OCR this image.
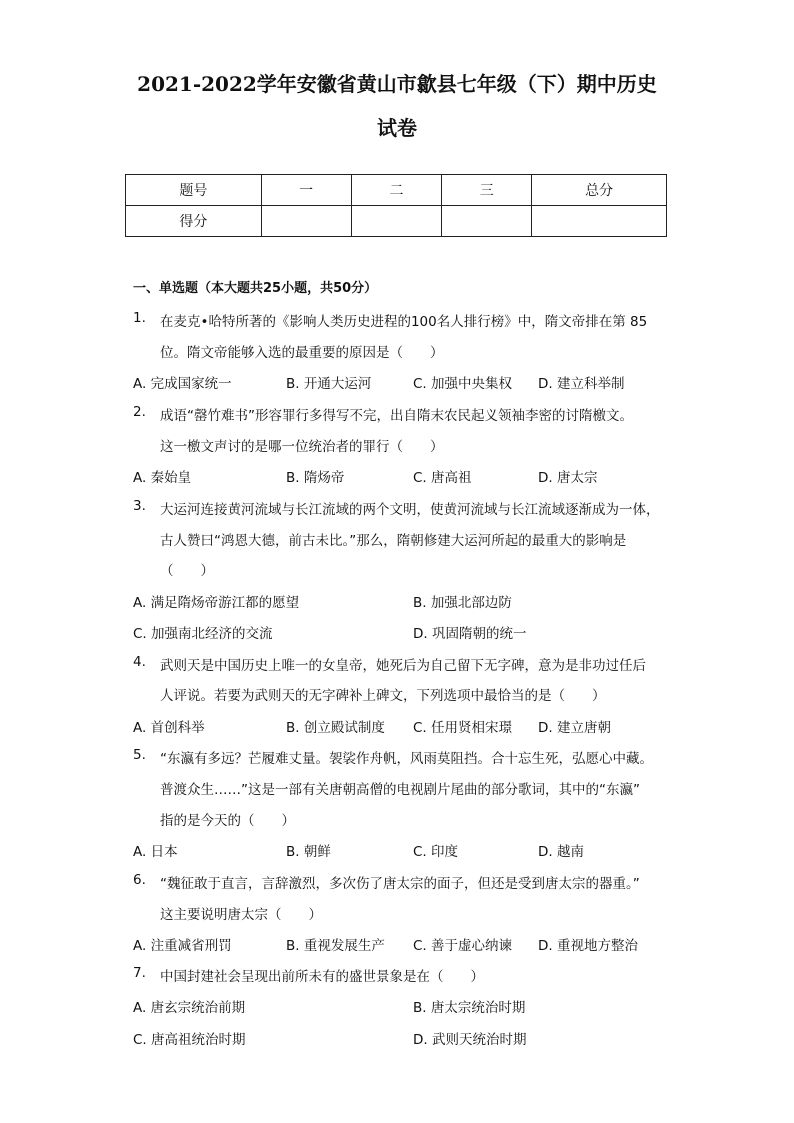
2021-2022学年安徽省黄山市歙县七年级（下）期中历史
试卷
题号	一	二	三	总分
得分				
一、单选题（本大题共25小题，共50分）
1. 在麦克•哈特所著的《影响人类历史进程的100名人排行榜》中，隋文帝排在第 85
位。隋文帝能够入选的最重要的原因是（　　）
A. 完成国家统一	B. 开通大运河	C. 加强中央集权 D. 建立科举制
2. 成语“罄竹难书”形容罪行多得写不完，出自隋末农民起义领袖李密的讨隋檄文。
这一檄文声讨的是哪一位统治者的罪行（　　）
A. 秦始皇	B. 隋炀帝	C. 唐高祖	D. 唐太宗
3. 大运河连接黄河流域与长江流域的两个文明，使黄河流域与长江流域逐渐成为一体，
古人赞曰“鸿恩大德，前古未比。”那么，隋朝修建大运河所起的最重大的影响是
（　　）
A. 满足隋炀帝游江都的愿望	B. 加强北部边防
C. 加强南北经济的交流	D. 巩固隋朝的统一
4. 武则天是中国历史上唯一的女皇帝，她死后为自己留下无字碑，意为是非功过任后
人评说。若要为武则天的无字碑补上碑文，下列选项中最恰当的是（　　）
A. 首创科举	B. 创立殿试制度 C. 任用贤相宋璟 D. 建立唐朝
5. “东瀛有多远？芒履难丈量。袈裟作舟帆，风雨莫阻挡。合十忘生死，弘愿心中藏。
普渡众生……”这是一部有关唐朝高僧的电视剧片尾曲的部分歌词，其中的“东瀛”
指的是今天的（　　）
A. 日本	B. 朝鲜	C. 印度	D. 越南
6. “魏征敢于直言，言辞激烈，多次伤了唐太宗的面子，但还是受到唐太宗的器重。”
这主要说明唐太宗（　　）
A. 注重减省刑罚	B. 重视发展生产 C. 善于虚心纳谏 D. 重视地方整治
7. 中国封建社会呈现出前所未有的盛世景象是在（　　）
A. 唐玄宗统治前期	B. 唐太宗统治时期
C. 唐高祖统治时期	D. 武则天统治时期
